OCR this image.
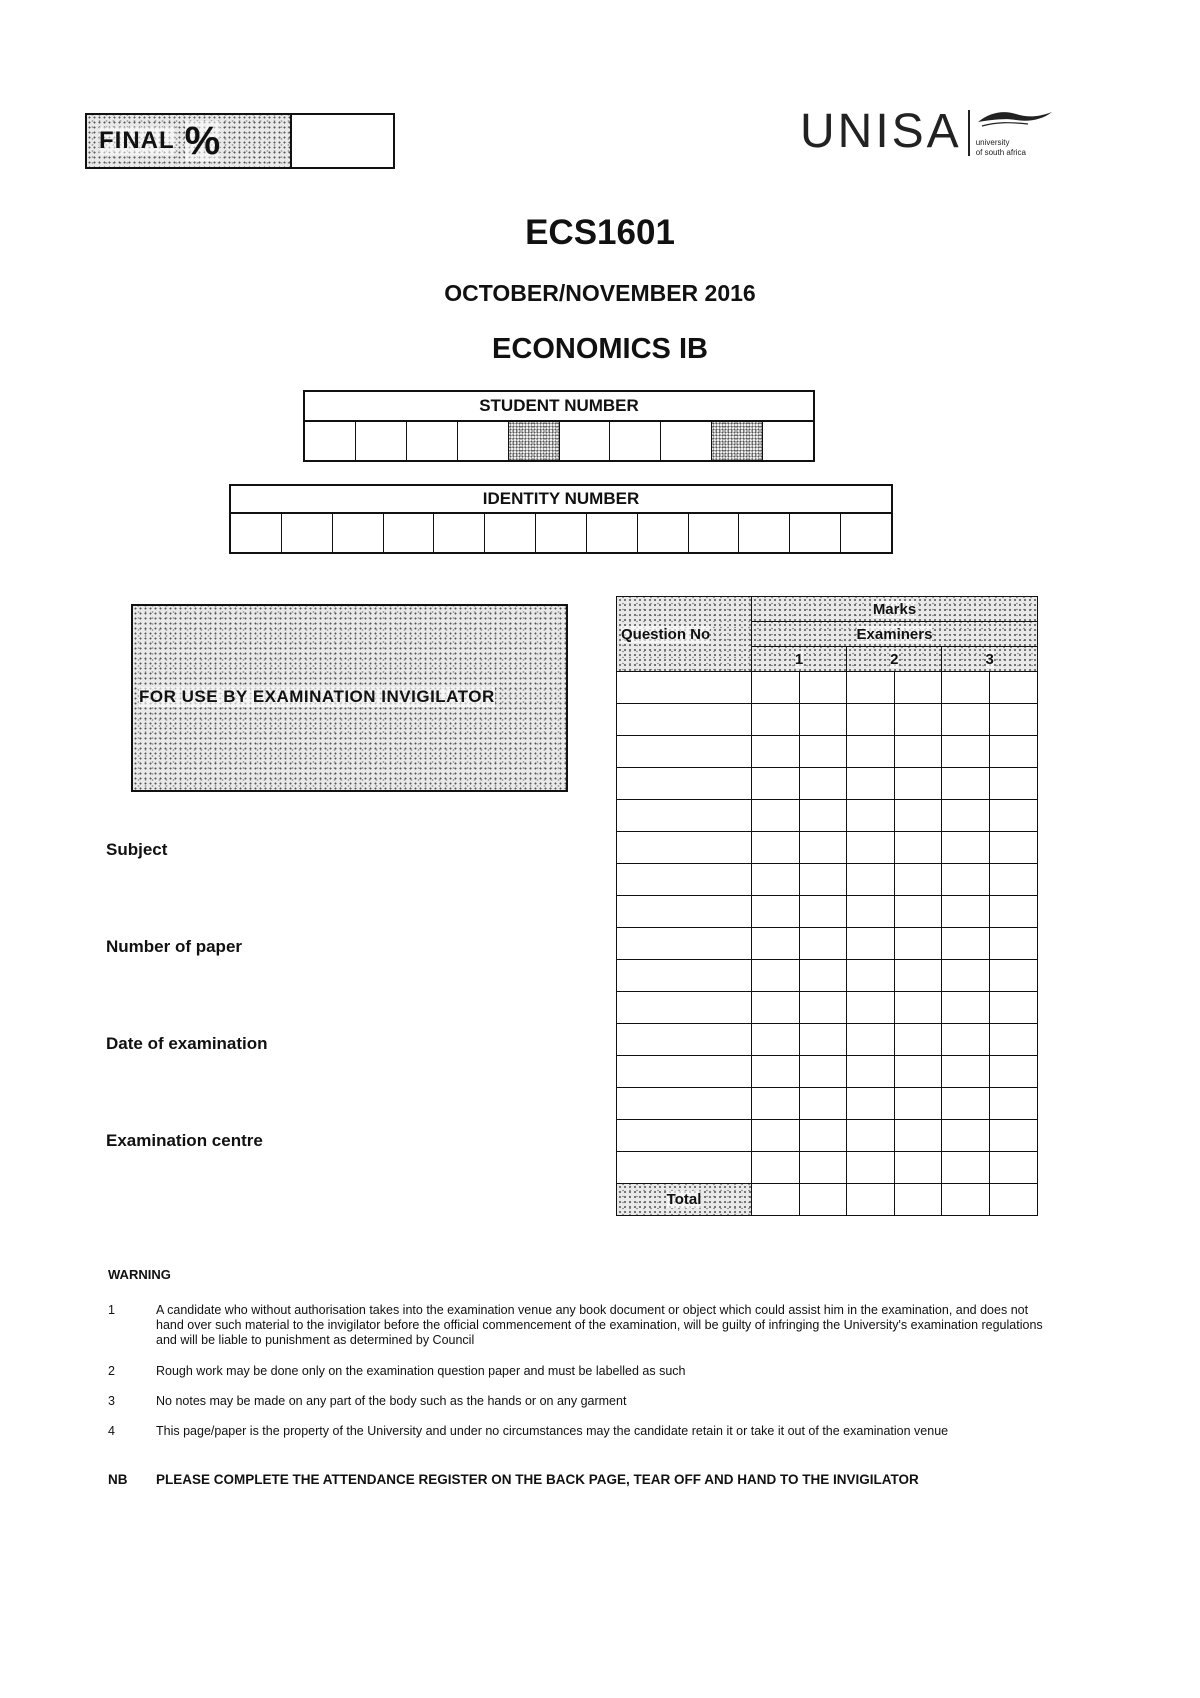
FINAL %	UNISA university
of south africa
ECS1601
OCTOBER/NOVEMBER 2016
ECONOMICS IB
STUDENT NUMBER
IDENTITY NUMBER
FOR USE BY EXAMINATION INVIGILATOR
Subject
Number of paper
Date of examination
Examination centre
Question No	Marks					
	Examiners					
	1		2		3	

Total						
WARNING
1	A candidate who without authorisation takes into the examination venue any book document or object which could assist him in the examination, and does not hand over such material to the invigilator before the official commencement of the examination, will be guilty of infringing the University's examination regulations and will be liable to punishment as determined by Council
2	Rough work may be done only on the examination question paper and must be labelled as such
3	No notes may be made on any part of the body such as the hands or on any garment
4	This page/paper is the property of the University and under no circumstances may the candidate retain it or take it out of the examination venue
NB	PLEASE COMPLETE THE ATTENDANCE REGISTER ON THE BACK PAGE, TEAR OFF AND HAND TO THE INVIGILATOR
